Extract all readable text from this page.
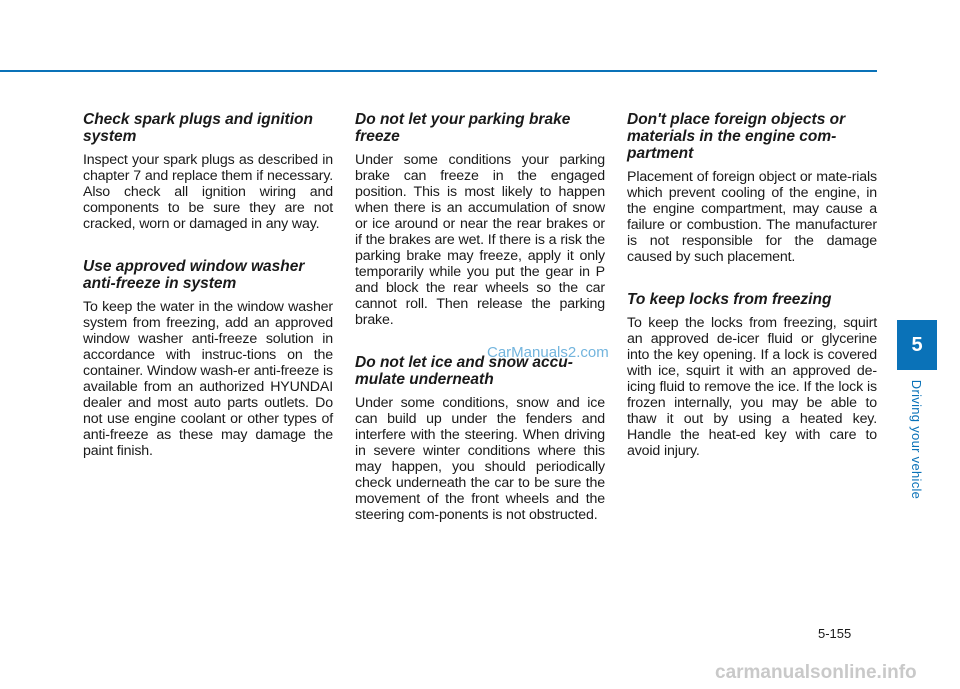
Check spark plugs and ignition system

Inspect your spark plugs as described in chapter 7 and replace them if necessary. Also check all ignition wiring and components to be sure they are not cracked, worn or damaged in any way.

Use approved window washer anti-freeze in system

To keep the water in the window washer system from freezing, add an approved window washer anti-freeze solution in accordance with instruc-tions on the container. Window wash-er anti-freeze is available from an authorized HYUNDAI dealer and most auto parts outlets. Do not use engine coolant or other types of anti-freeze as these may damage the paint finish.

Do not let your parking brake freeze

Under some conditions your parking brake can freeze in the engaged position. This is most likely to happen when there is an accumulation of snow or ice around or near the rear brakes or if the brakes are wet. If there is a risk the parking brake may freeze, apply it only temporarily while you put the gear in P and block the rear wheels so the car cannot roll. Then release the parking brake.

Do not let ice and snow accu-mulate underneath

Under some conditions, snow and ice can build up under the fenders and interfere with the steering. When driving in severe winter conditions where this may happen, you should periodically check underneath the car to be sure the movement of the front wheels and the steering com-ponents is not obstructed.

Don't place foreign objects or materials in the engine com-partment

Placement of foreign object or mate-rials which prevent cooling of the engine, in the engine compartment, may cause a failure or combustion. The manufacturer is not responsible for the damage caused by such placement.

To keep locks from freezing

To keep the locks from freezing, squirt an approved de-icer fluid or glycerine into the key opening. If a lock is covered with ice, squirt it with an approved de-icing fluid to remove the ice. If the lock is frozen internally, you may be able to thaw it out by using a heated key. Handle the heat-ed key with care to avoid injury.

5
Driving your vehicle
5-155
CarManuals2.com
carmanualsonline.info
